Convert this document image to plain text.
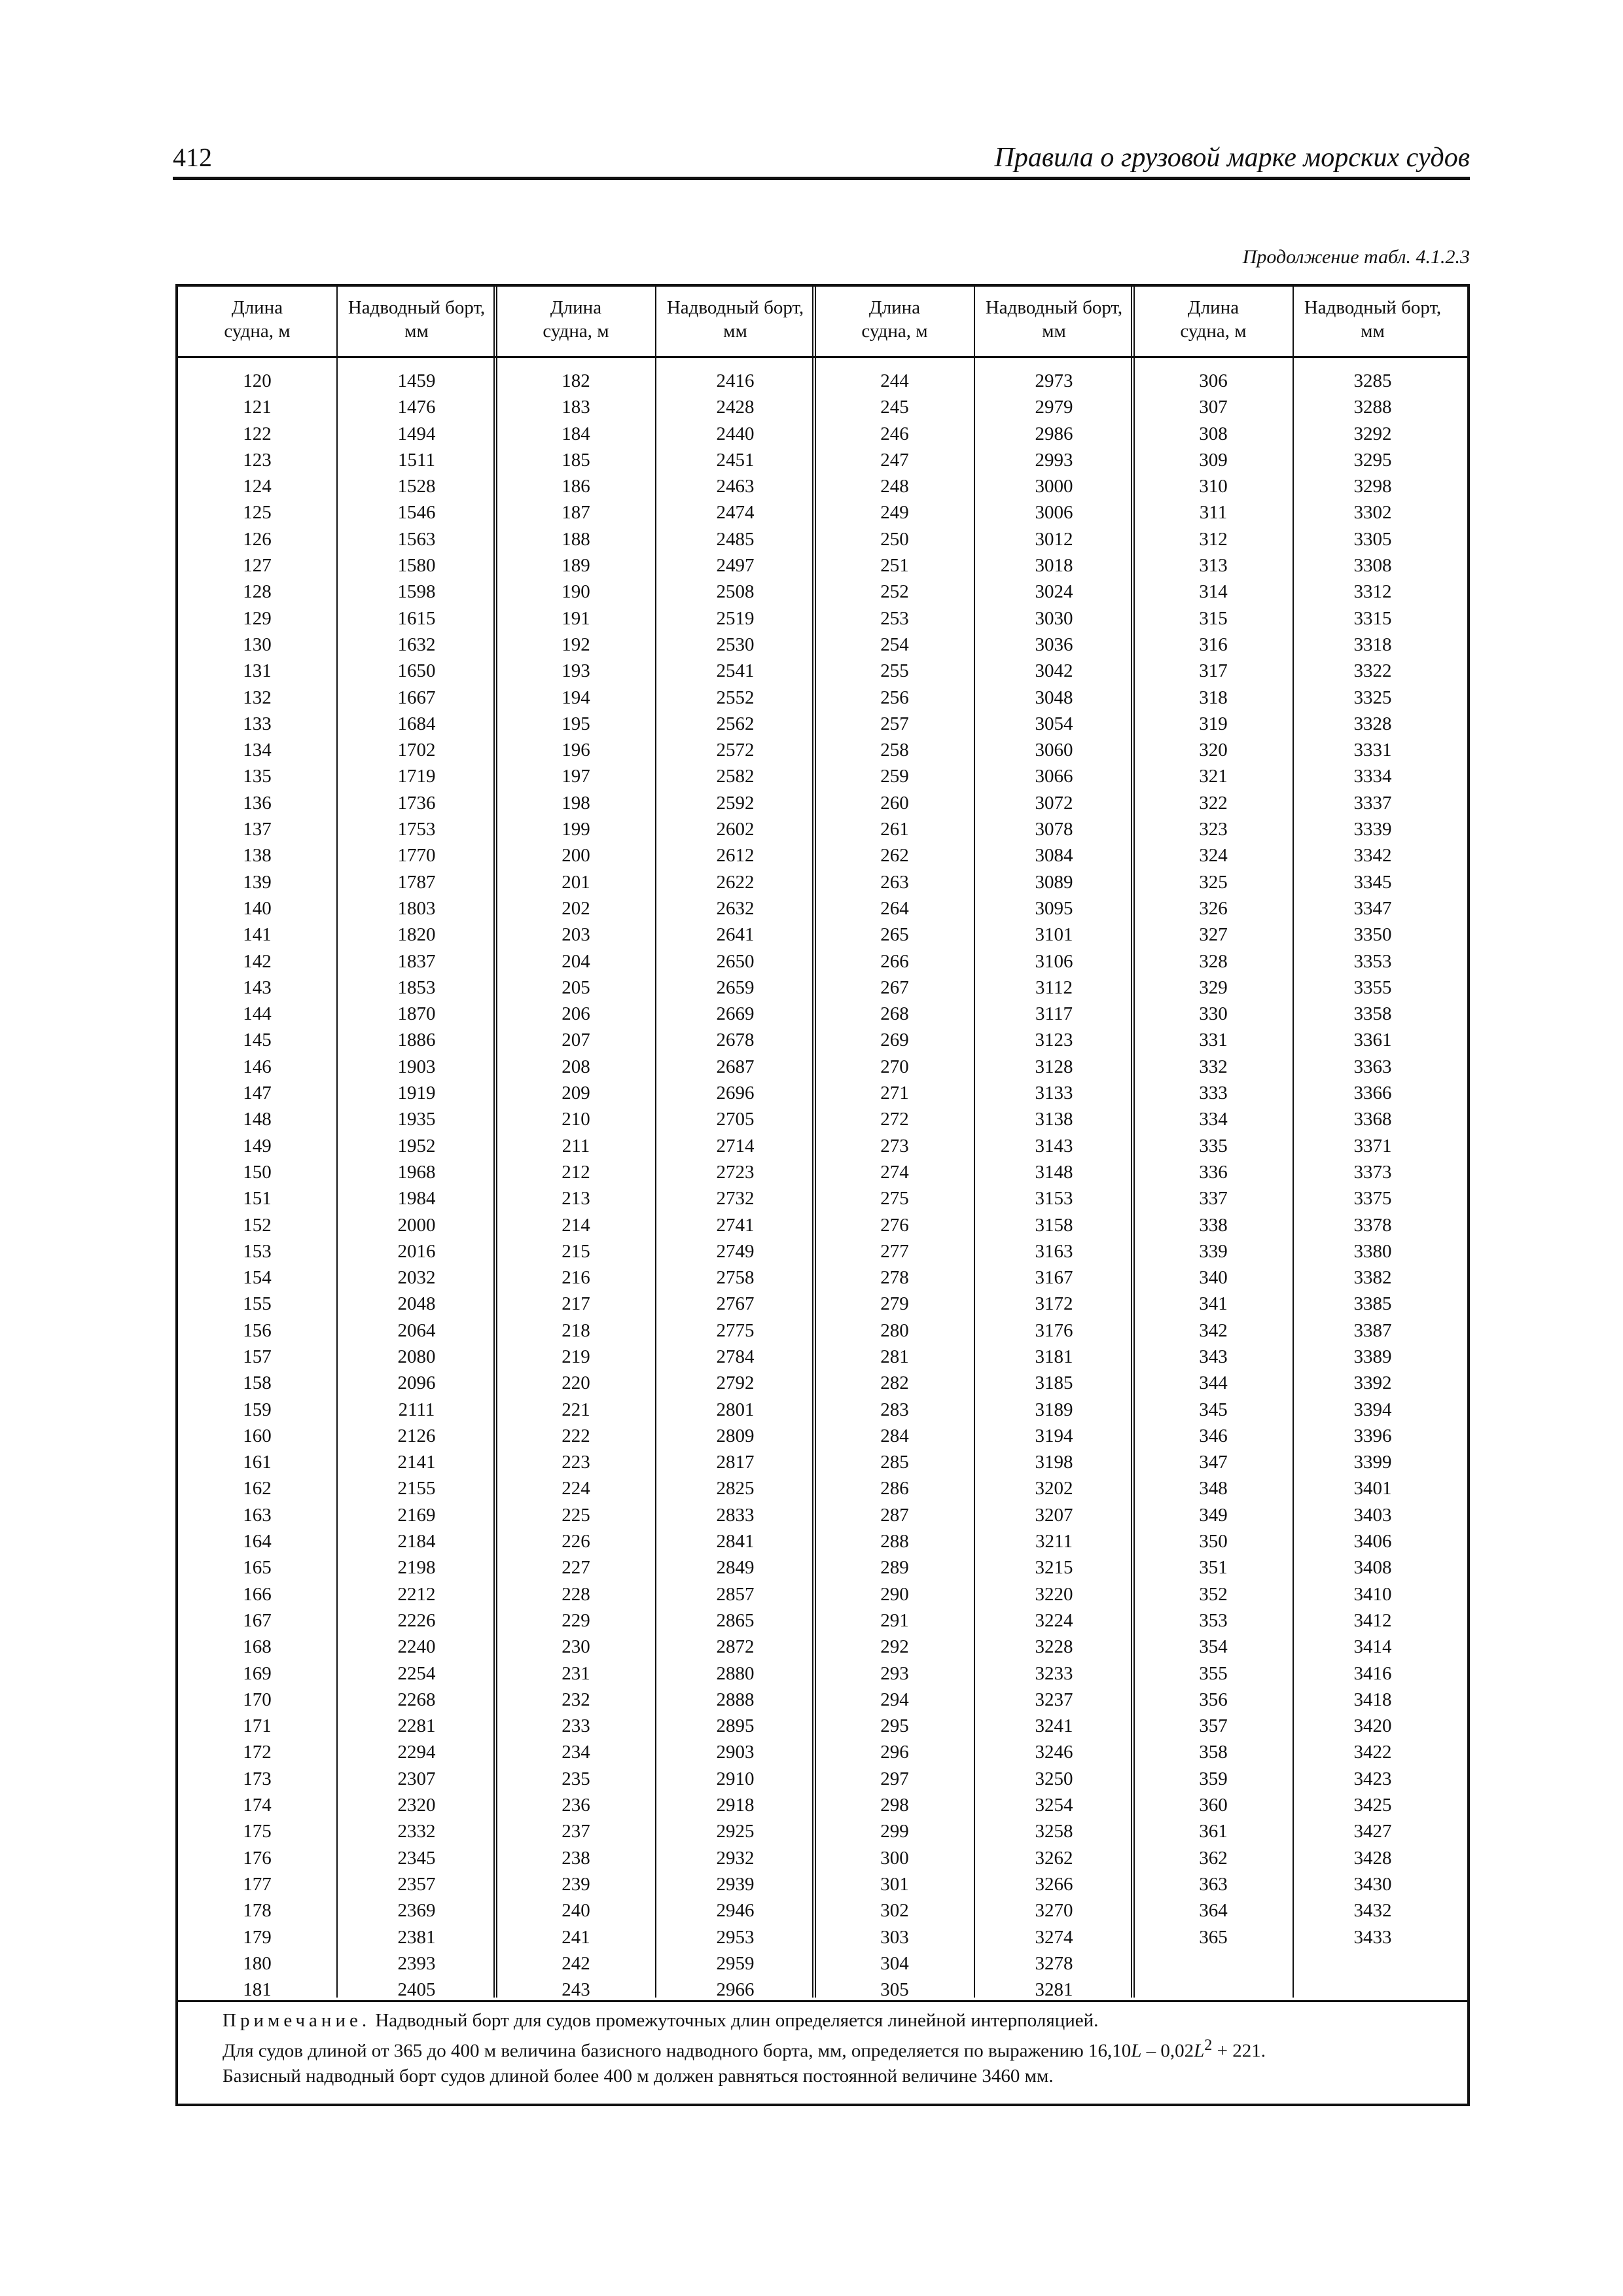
412	Правила о грузовой марке морских судов
Продолжение табл. 4.1.2.3
Примечание. Надводный борт для судов промежуточных длин определяется линейной интерполяцией.
Для судов длиной от 365 до 400 м величина базисного надводного борта, мм, определяется по выражению $16,10L - 0,02L^2 + 221$.
Базисный надводный борт судов длиной более 400 м должен равняться постоянной величине 3460 мм.
Длина
судна, м
Надводный борт,
мм
120
121
122
123
124
125
126
127
128
129
130
131
132
133
134
135
136
137
138
139
140
141
142
143
144
145
146
147
148
149
150
151
152
153
154
155
156
157
158
159
160
161
162
163
164
165
166
167
168
169
170
171
172
173
174
175
176
177
178
179
180
181
1459
1476
1494
1511
1528
1546
1563
1580
1598
1615
1632
1650
1667
1684
1702
1719
1736
1753
1770
1787
1803
1820
1837
1853
1870
1886
1903
1919
1935
1952
1968
1984
2000
2016
2032
2048
2064
2080
2096
2111
2126
2141
2155
2169
2184
2198
2212
2226
2240
2254
2268
2281
2294
2307
2320
2332
2345
2357
2369
2381
2393
2405
Длина
судна, м
Надводный борт,
мм
182
183
184
185
186
187
188
189
190
191
192
193
194
195
196
197
198
199
200
201
202
203
204
205
206
207
208
209
210
211
212
213
214
215
216
217
218
219
220
221
222
223
224
225
226
227
228
229
230
231
232
233
234
235
236
237
238
239
240
241
242
243
2416
2428
2440
2451
2463
2474
2485
2497
2508
2519
2530
2541
2552
2562
2572
2582
2592
2602
2612
2622
2632
2641
2650
2659
2669
2678
2687
2696
2705
2714
2723
2732
2741
2749
2758
2767
2775
2784
2792
2801
2809
2817
2825
2833
2841
2849
2857
2865
2872
2880
2888
2895
2903
2910
2918
2925
2932
2939
2946
2953
2959
2966
Длина
судна, м
Надводный борт,
мм
244
245
246
247
248
249
250
251
252
253
254
255
256
257
258
259
260
261
262
263
264
265
266
267
268
269
270
271
272
273
274
275
276
277
278
279
280
281
282
283
284
285
286
287
288
289
290
291
292
293
294
295
296
297
298
299
300
301
302
303
304
305
2973
2979
2986
2993
3000
3006
3012
3018
3024
3030
3036
3042
3048
3054
3060
3066
3072
3078
3084
3089
3095
3101
3106
3112
3117
3123
3128
3133
3138
3143
3148
3153
3158
3163
3167
3172
3176
3181
3185
3189
3194
3198
3202
3207
3211
3215
3220
3224
3228
3233
3237
3241
3246
3250
3254
3258
3262
3266
3270
3274
3278
3281
Длина
судна, м
Надводный борт,
мм
306
307
308
309
310
311
312
313
314
315
316
317
318
319
320
321
322
323
324
325
326
327
328
329
330
331
332
333
334
335
336
337
338
339
340
341
342
343
344
345
346
347
348
349
350
351
352
353
354
355
356
357
358
359
360
361
362
363
364
365
3285
3288
3292
3295
3298
3302
3305
3308
3312
3315
3318
3322
3325
3328
3331
3334
3337
3339
3342
3345
3347
3350
3353
3355
3358
3361
3363
3366
3368
3371
3373
3375
3378
3380
3382
3385
3387
3389
3392
3394
3396
3399
3401
3403
3406
3408
3410
3412
3414
3416
3418
3420
3422
3423
3425
3427
3428
3430
3432
3433
